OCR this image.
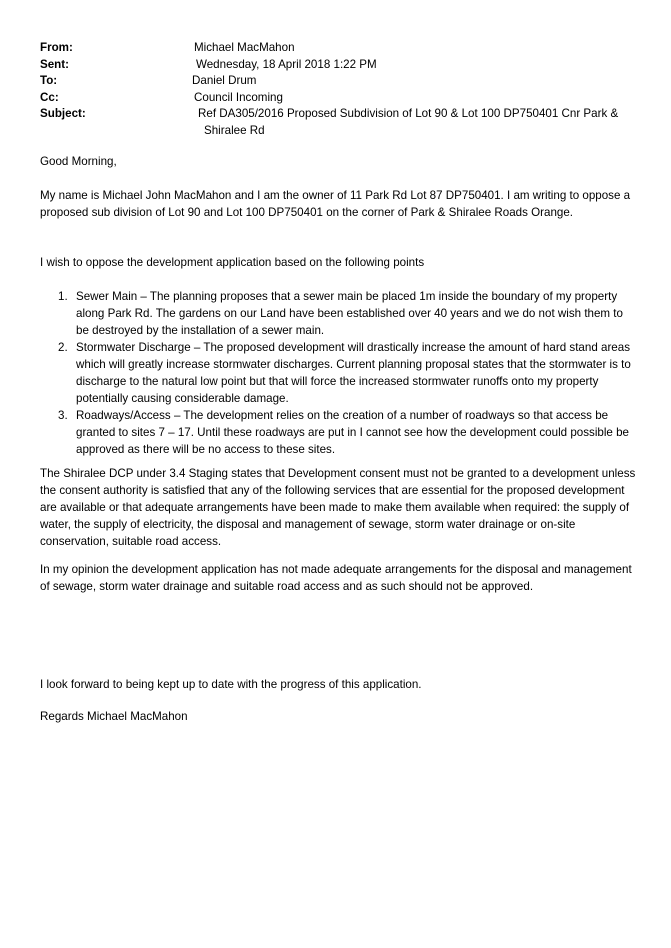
From:	Michael MacMahon
Sent:	Wednesday, 18 April 2018 1:22 PM
To:	Daniel Drum
Cc:	Council Incoming
Subject:	Ref DA305/2016 Proposed Subdivision of Lot 90 & Lot 100 DP750401 Cnr Park &
Shiralee Rd

Good Morning,

My name is Michael John MacMahon and I am the owner of 11 Park Rd Lot 87 DP750401. I am writing to oppose a proposed sub division of Lot 90 and Lot 100 DP750401 on the corner of Park & Shiralee Roads Orange.

I wish to oppose the development application based on the following points

1. Sewer Main – The planning proposes that a sewer main be placed 1m inside the boundary of my property along Park Rd. The gardens on our Land have been established over 40 years and we do not wish them to be destroyed by the installation of a sewer main.
2. Stormwater Discharge – The proposed development will drastically increase the amount of hard stand areas which will greatly increase stormwater discharges. Current planning proposal states that the stormwater is to discharge to the natural low point but that will force the increased stormwater runoffs onto my property potentially causing considerable damage.
3. Roadways/Access – The development relies on the creation of a number of roadways so that access be granted to sites 7 – 17. Until these roadways are put in I cannot see how the development could possible be approved as there will be no access to these sites.

The Shiralee DCP under 3.4 Staging states that Development consent must not be granted to a development unless the consent authority is satisfied that any of the following services that are essential for the proposed development are available or that adequate arrangements have been made to make them available when required: the supply of water, the supply of electricity, the disposal and management of sewage, storm water drainage or on-site conservation, suitable road access.

In my opinion the development application has not made adequate arrangements for the disposal and management of sewage, storm water drainage and suitable road access and as such should not be approved.

I look forward to being kept up to date with the progress of this application.

Regards Michael MacMahon
